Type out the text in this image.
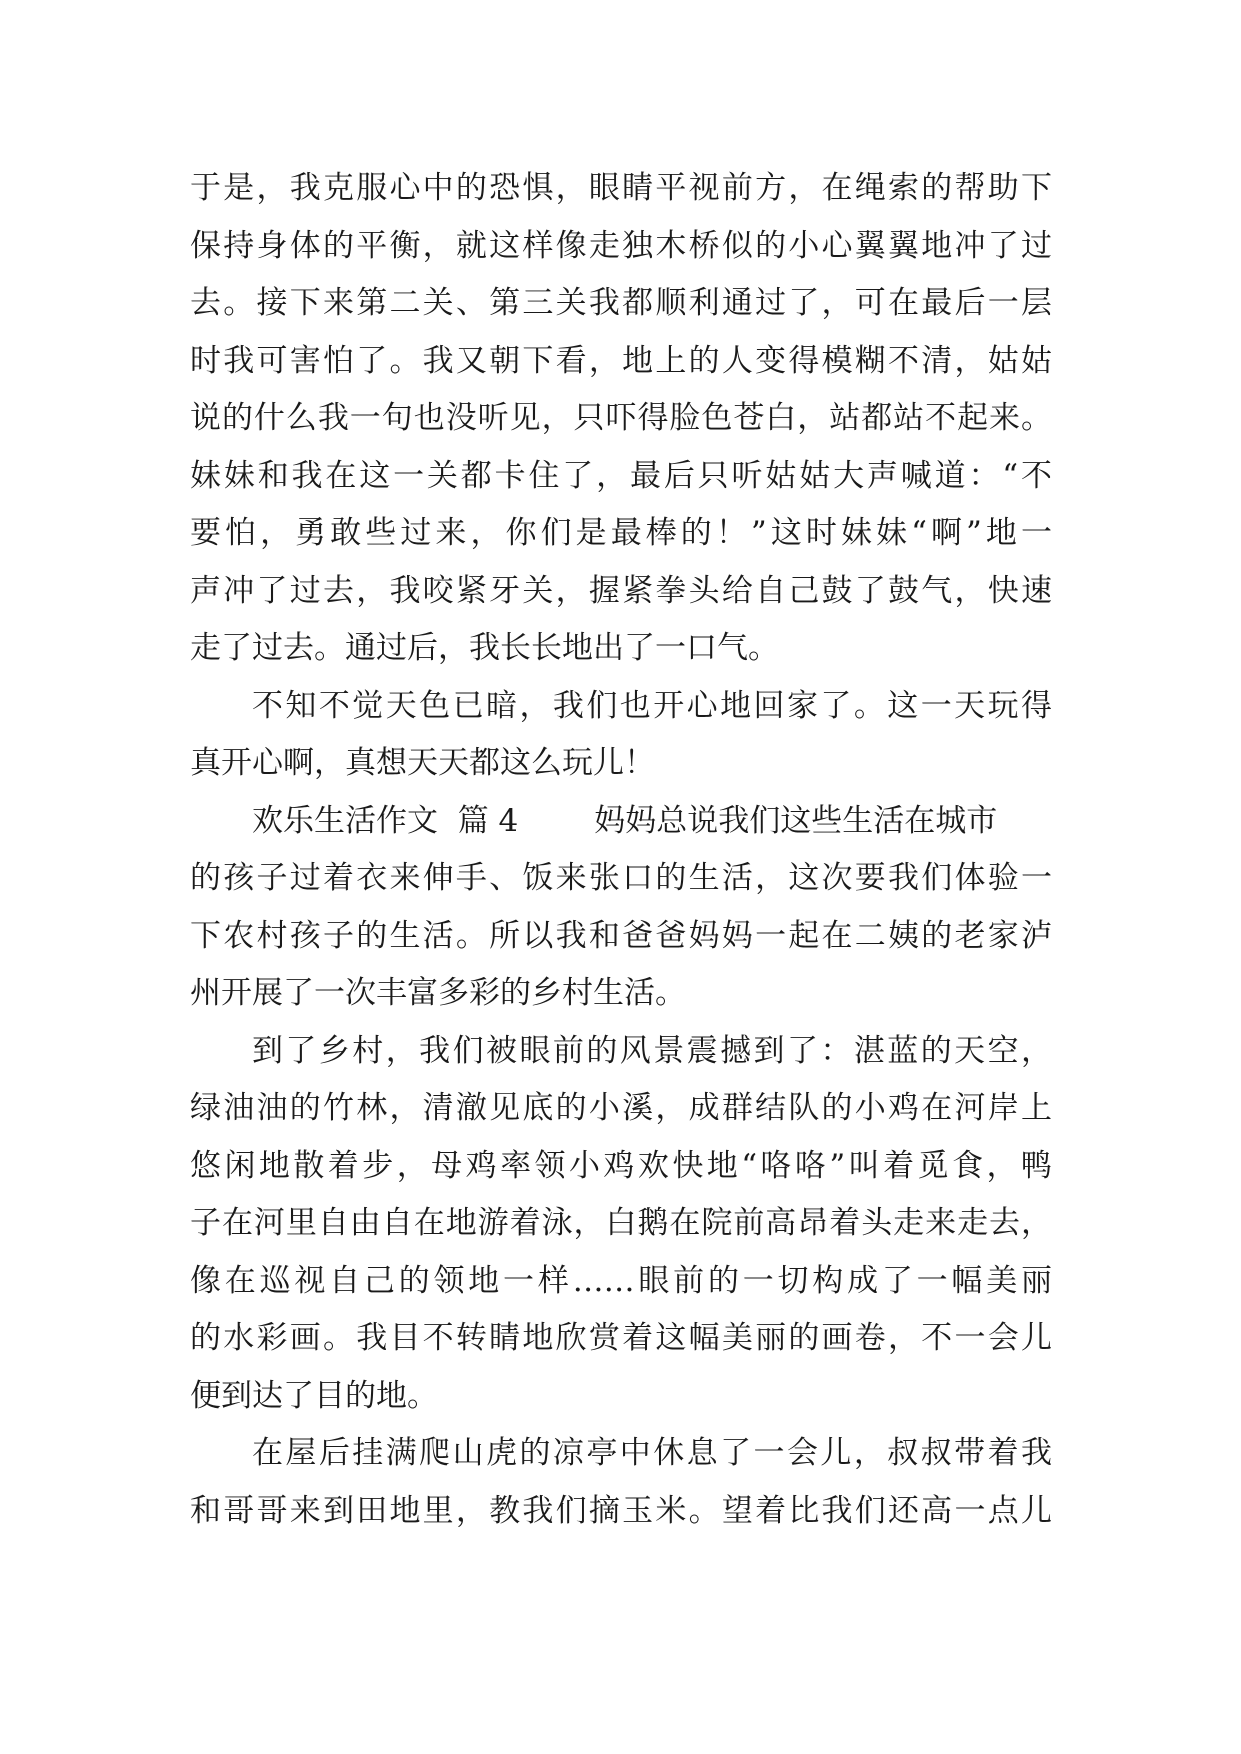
于是，我克服心中的恐惧，眼睛平视前方，在绳索的帮助下
保持身体的平衡，就这样像走独木桥似的小心翼翼地冲了过
去。接下来第二关、第三关我都顺利通过了，可在最后一层
时我可害怕了。我又朝下看，地上的人变得模糊不清，姑姑
说的什么我一句也没听见，只吓得脸色苍白，站都站不起来。
妹妹和我在这一关都卡住了，最后只听姑姑大声喊道：“不
要怕，勇敢些过来，你们是最棒的！”这时妹妹“啊”地一
声冲了过去，我咬紧牙关，握紧拳头给自己鼓了鼓气，快速
走了过去。通过后，我长长地出了一口气。
不知不觉天色已暗，我们也开心地回家了。这一天玩得
真开心啊，真想天天都这么玩儿！
欢乐生活作文  篇 4 妈妈总说我们这些生活在城市
的孩子过着衣来伸手、饭来张口的生活，这次要我们体验一
下农村孩子的生活。所以我和爸爸妈妈一起在二姨的老家泸
州开展了一次丰富多彩的乡村生活。
到了乡村，我们被眼前的风景震撼到了：湛蓝的天空，
绿油油的竹林，清澈见底的小溪，成群结队的小鸡在河岸上
悠闲地散着步，母鸡率领小鸡欢快地“咯咯”叫着觅食，鸭
子在河里自由自在地游着泳，白鹅在院前高昂着头走来走去，
像在巡视自己的领地一样……眼前的一切构成了一幅美丽
的水彩画。我目不转睛地欣赏着这幅美丽的画卷，不一会儿
便到达了目的地。
在屋后挂满爬山虎的凉亭中休息了一会儿，叔叔带着我
和哥哥来到田地里，教我们摘玉米。望着比我们还高一点儿
